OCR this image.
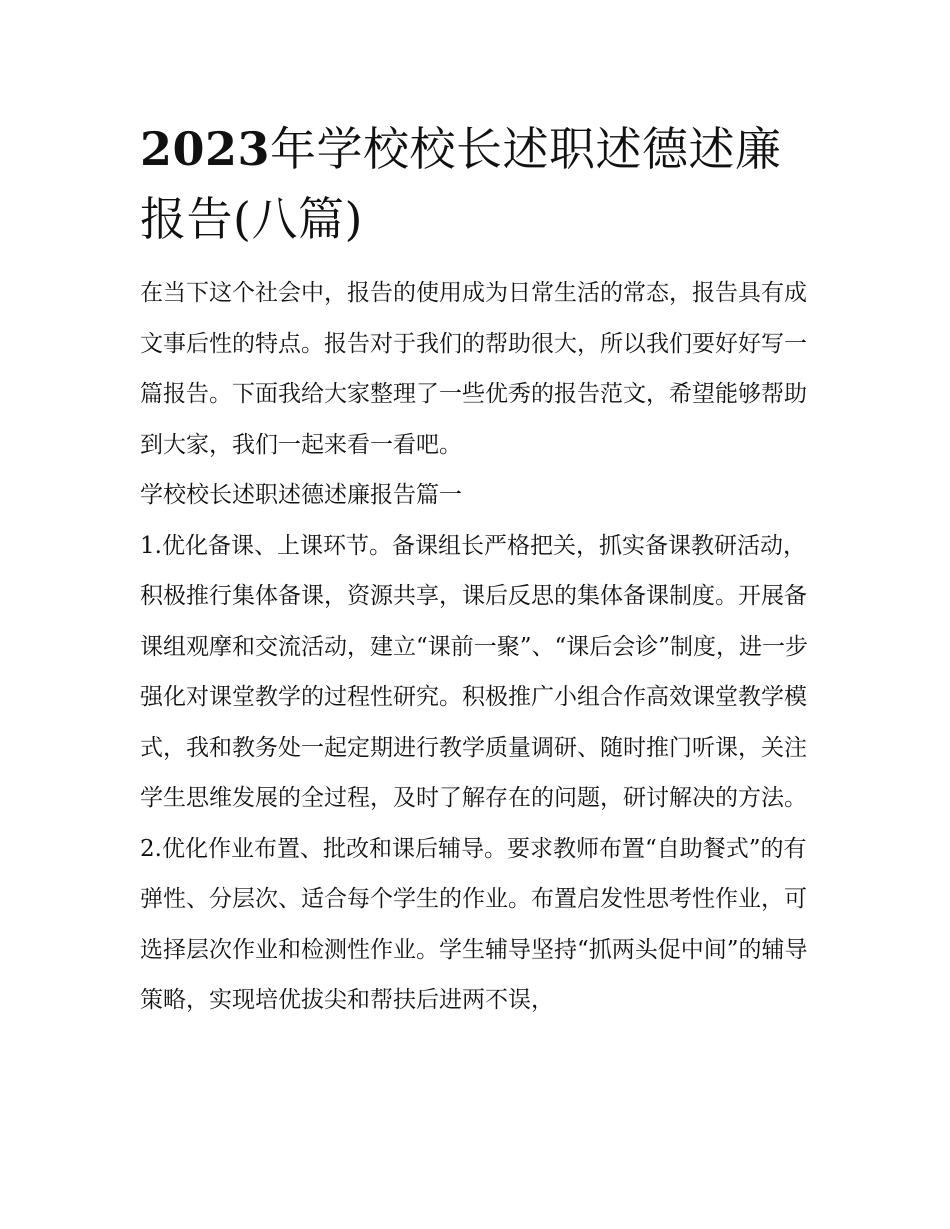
2023年学校校长述职述德述廉报告(八篇)

在当下这个社会中，报告的使用成为日常生活的常态，报告具有成文事后性的特点。报告对于我们的帮助很大，所以我们要好好写一篇报告。下面我给大家整理了一些优秀的报告范文，希望能够帮助到大家，我们一起来看一看吧。

学校校长述职述德述廉报告篇一

1.优化备课、上课环节。备课组长严格把关，抓实备课教研活动，积极推行集体备课，资源共享，课后反思的集体备课制度。开展备课组观摩和交流活动，建立“课前一聚”、“课后会诊”制度，进一步强化对课堂教学的过程性研究。积极推广小组合作高效课堂教学模式，我和教务处一起定期进行教学质量调研、随时推门听课，关注学生思维发展的全过程，及时了解存在的问题，研讨解决的方法。

2.优化作业布置、批改和课后辅导。要求教师布置“自助餐式”的有弹性、分层次、适合每个学生的作业。布置启发性思考性作业，可选择层次作业和检测性作业。学生辅导坚持“抓两头促中间”的辅导策略，实现培优拔尖和帮扶后进两不误，
